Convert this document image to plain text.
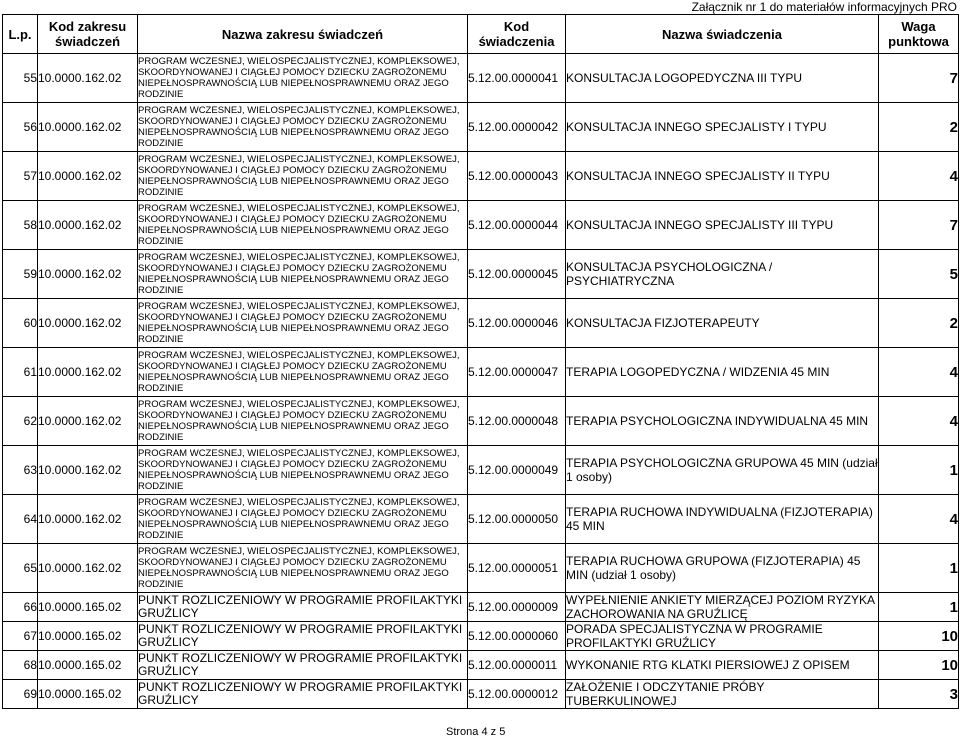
Załącznik nr 1 do materiałów informacyjnych PRO
L.p.	Kod zakresu świadczeń	Nazwa zakresu świadczeń	Kod świadczenia	Nazwa świadczenia	Waga punktowa
55	10.0000.162.02	PROGRAM WCZESNEJ, WIELOSPECJALISTYCZNEJ, KOMPLEKSOWEJ, SKOORDYNOWANEJ I CIĄGŁEJ POMOCY DZIECKU ZAGROŻONEMU NIEPEŁNOSPRAWNOŚCIĄ LUB NIEPEŁNOSPRAWNEMU ORAZ JEGO RODZINIE	5.12.00.0000041	KONSULTACJA LOGOPEDYCZNA III TYPU	7
56	10.0000.162.02	PROGRAM WCZESNEJ, WIELOSPECJALISTYCZNEJ, KOMPLEKSOWEJ, SKOORDYNOWANEJ I CIĄGŁEJ POMOCY DZIECKU ZAGROŻONEMU NIEPEŁNOSPRAWNOŚCIĄ LUB NIEPEŁNOSPRAWNEMU ORAZ JEGO RODZINIE	5.12.00.0000042	KONSULTACJA INNEGO SPECJALISTY I TYPU	2
57	10.0000.162.02	PROGRAM WCZESNEJ, WIELOSPECJALISTYCZNEJ, KOMPLEKSOWEJ, SKOORDYNOWANEJ I CIĄGŁEJ POMOCY DZIECKU ZAGROŻONEMU NIEPEŁNOSPRAWNOŚCIĄ LUB NIEPEŁNOSPRAWNEMU ORAZ JEGO RODZINIE	5.12.00.0000043	KONSULTACJA INNEGO SPECJALISTY II TYPU	4
58	10.0000.162.02	PROGRAM WCZESNEJ, WIELOSPECJALISTYCZNEJ, KOMPLEKSOWEJ, SKOORDYNOWANEJ I CIĄGŁEJ POMOCY DZIECKU ZAGROŻONEMU NIEPEŁNOSPRAWNOŚCIĄ LUB NIEPEŁNOSPRAWNEMU ORAZ JEGO RODZINIE	5.12.00.0000044	KONSULTACJA INNEGO SPECJALISTY III TYPU	7
59	10.0000.162.02	PROGRAM WCZESNEJ, WIELOSPECJALISTYCZNEJ, KOMPLEKSOWEJ, SKOORDYNOWANEJ I CIĄGŁEJ POMOCY DZIECKU ZAGROŻONEMU NIEPEŁNOSPRAWNOŚCIĄ LUB NIEPEŁNOSPRAWNEMU ORAZ JEGO RODZINIE	5.12.00.0000045	KONSULTACJA PSYCHOLOGICZNA / PSYCHIATRYCZNA	5
60	10.0000.162.02	PROGRAM WCZESNEJ, WIELOSPECJALISTYCZNEJ, KOMPLEKSOWEJ, SKOORDYNOWANEJ I CIĄGŁEJ POMOCY DZIECKU ZAGROŻONEMU NIEPEŁNOSPRAWNOŚCIĄ LUB NIEPEŁNOSPRAWNEMU ORAZ JEGO RODZINIE	5.12.00.0000046	KONSULTACJA FIZJOTERAPEUTY	2
61	10.0000.162.02	PROGRAM WCZESNEJ, WIELOSPECJALISTYCZNEJ, KOMPLEKSOWEJ, SKOORDYNOWANEJ I CIĄGŁEJ POMOCY DZIECKU ZAGROŻONEMU NIEPEŁNOSPRAWNOŚCIĄ LUB NIEPEŁNOSPRAWNEMU ORAZ JEGO RODZINIE	5.12.00.0000047	TERAPIA LOGOPEDYCZNA / WIDZENIA 45 MIN	4
62	10.0000.162.02	PROGRAM WCZESNEJ, WIELOSPECJALISTYCZNEJ, KOMPLEKSOWEJ, SKOORDYNOWANEJ I CIĄGŁEJ POMOCY DZIECKU ZAGROŻONEMU NIEPEŁNOSPRAWNOŚCIĄ LUB NIEPEŁNOSPRAWNEMU ORAZ JEGO RODZINIE	5.12.00.0000048	TERAPIA PSYCHOLOGICZNA INDYWIDUALNA 45 MIN	4
63	10.0000.162.02	PROGRAM WCZESNEJ, WIELOSPECJALISTYCZNEJ, KOMPLEKSOWEJ, SKOORDYNOWANEJ I CIĄGŁEJ POMOCY DZIECKU ZAGROŻONEMU NIEPEŁNOSPRAWNOŚCIĄ LUB NIEPEŁNOSPRAWNEMU ORAZ JEGO RODZINIE	5.12.00.0000049	TERAPIA PSYCHOLOGICZNA GRUPOWA 45 MIN (udział 1 osoby)	1
64	10.0000.162.02	PROGRAM WCZESNEJ, WIELOSPECJALISTYCZNEJ, KOMPLEKSOWEJ, SKOORDYNOWANEJ I CIĄGŁEJ POMOCY DZIECKU ZAGROŻONEMU NIEPEŁNOSPRAWNOŚCIĄ LUB NIEPEŁNOSPRAWNEMU ORAZ JEGO RODZINIE	5.12.00.0000050	TERAPIA RUCHOWA INDYWIDUALNA (FIZJOTERAPIA) 45 MIN	4
65	10.0000.162.02	PROGRAM WCZESNEJ, WIELOSPECJALISTYCZNEJ, KOMPLEKSOWEJ, SKOORDYNOWANEJ I CIĄGŁEJ POMOCY DZIECKU ZAGROŻONEMU NIEPEŁNOSPRAWNOŚCIĄ LUB NIEPEŁNOSPRAWNEMU ORAZ JEGO RODZINIE	5.12.00.0000051	TERAPIA RUCHOWA GRUPOWA (FIZJOTERAPIA) 45 MIN (udział 1 osoby)	1
66	10.0000.165.02	PUNKT ROZLICZENIOWY W PROGRAMIE PROFILAKTYKI GRUŹLICY	5.12.00.0000009	WYPEŁNIENIE ANKIETY MIERZĄCEJ POZIOM RYZYKA ZACHOROWANIA NA GRUŹLICĘ	1
67	10.0000.165.02	PUNKT ROZLICZENIOWY W PROGRAMIE PROFILAKTYKI GRUŹLICY	5.12.00.0000060	PORADA SPECJALISTYCZNA W PROGRAMIE PROFILAKTYKI GRUŹLICY	10
68	10.0000.165.02	PUNKT ROZLICZENIOWY W PROGRAMIE PROFILAKTYKI GRUŹLICY	5.12.00.0000011	WYKONANIE RTG KLATKI PIERSIOWEJ Z OPISEM	10
69	10.0000.165.02	PUNKT ROZLICZENIOWY W PROGRAMIE PROFILAKTYKI GRUŹLICY	5.12.00.0000012	ZAŁOŻENIE I ODCZYTANIE PRÓBY TUBERKULINOWEJ	3
Strona 4 z 5
